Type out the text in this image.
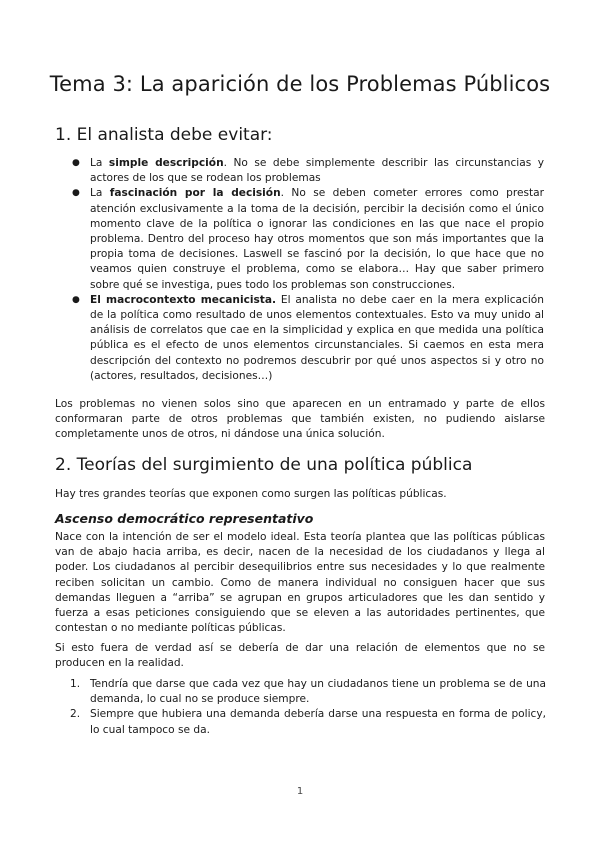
Tema 3: La aparición de los Problemas Públicos
1. El analista debe evitar:
● La simple descripción. No se debe simplemente describir las circunstancias y actores de los que se rodean los problemas
● La fascinación por la decisión. No se deben cometer errores como prestar atención exclusivamente a la toma de la decisión, percibir la decisión como el único momento clave de la política o ignorar las condiciones en las que nace el propio problema. Dentro del proceso hay otros momentos que son más importantes que la propia toma de decisiones. Laswell se fascinó por la decisión, lo que hace que no veamos quien construye el problema, como se elabora… Hay que saber primero sobre qué se investiga, pues todo los problemas son construcciones.
● El macrocontexto mecanicista. El analista no debe caer en la mera explicación de la política como resultado de unos elementos contextuales. Esto va muy unido al análisis de correlatos que cae en la simplicidad y explica en que medida una política pública es el efecto de unos elementos circunstanciales. Si caemos en esta mera descripción del contexto no podremos descubrir por qué unos aspectos si y otro no (actores, resultados, decisiones…)

Los problemas no vienen solos sino que aparecen en un entramado y parte de ellos conformaran parte de otros problemas que también existen, no pudiendo aislarse completamente unos de otros, ni dándose una única solución.

2. Teorías del surgimiento de una política pública

Hay tres grandes teorías que exponen como surgen las políticas públicas.

Ascenso democrático representativo

Nace con la intención de ser el modelo ideal. Esta teoría plantea que las políticas públicas van de abajo hacia arriba, es decir, nacen de la necesidad de los ciudadanos y llega al poder. Los ciudadanos al percibir desequilibrios entre sus necesidades y lo que realmente reciben solicitan un cambio. Como de manera individual no consiguen hacer que sus demandas lleguen a “arriba” se agrupan en grupos articuladores que les dan sentido y fuerza a esas peticiones consiguiendo que se eleven a las autoridades pertinentes, que contestan o no mediante políticas públicas.

Si esto fuera de verdad así se debería de dar una relación de elementos que no se producen en la realidad.

1. Tendría que darse que cada vez que hay un ciudadanos tiene un problema se de una demanda, lo cual no se produce siempre.
2. Siempre que hubiera una demanda debería darse una respuesta en forma de policy, lo cual tampoco se da.
1
